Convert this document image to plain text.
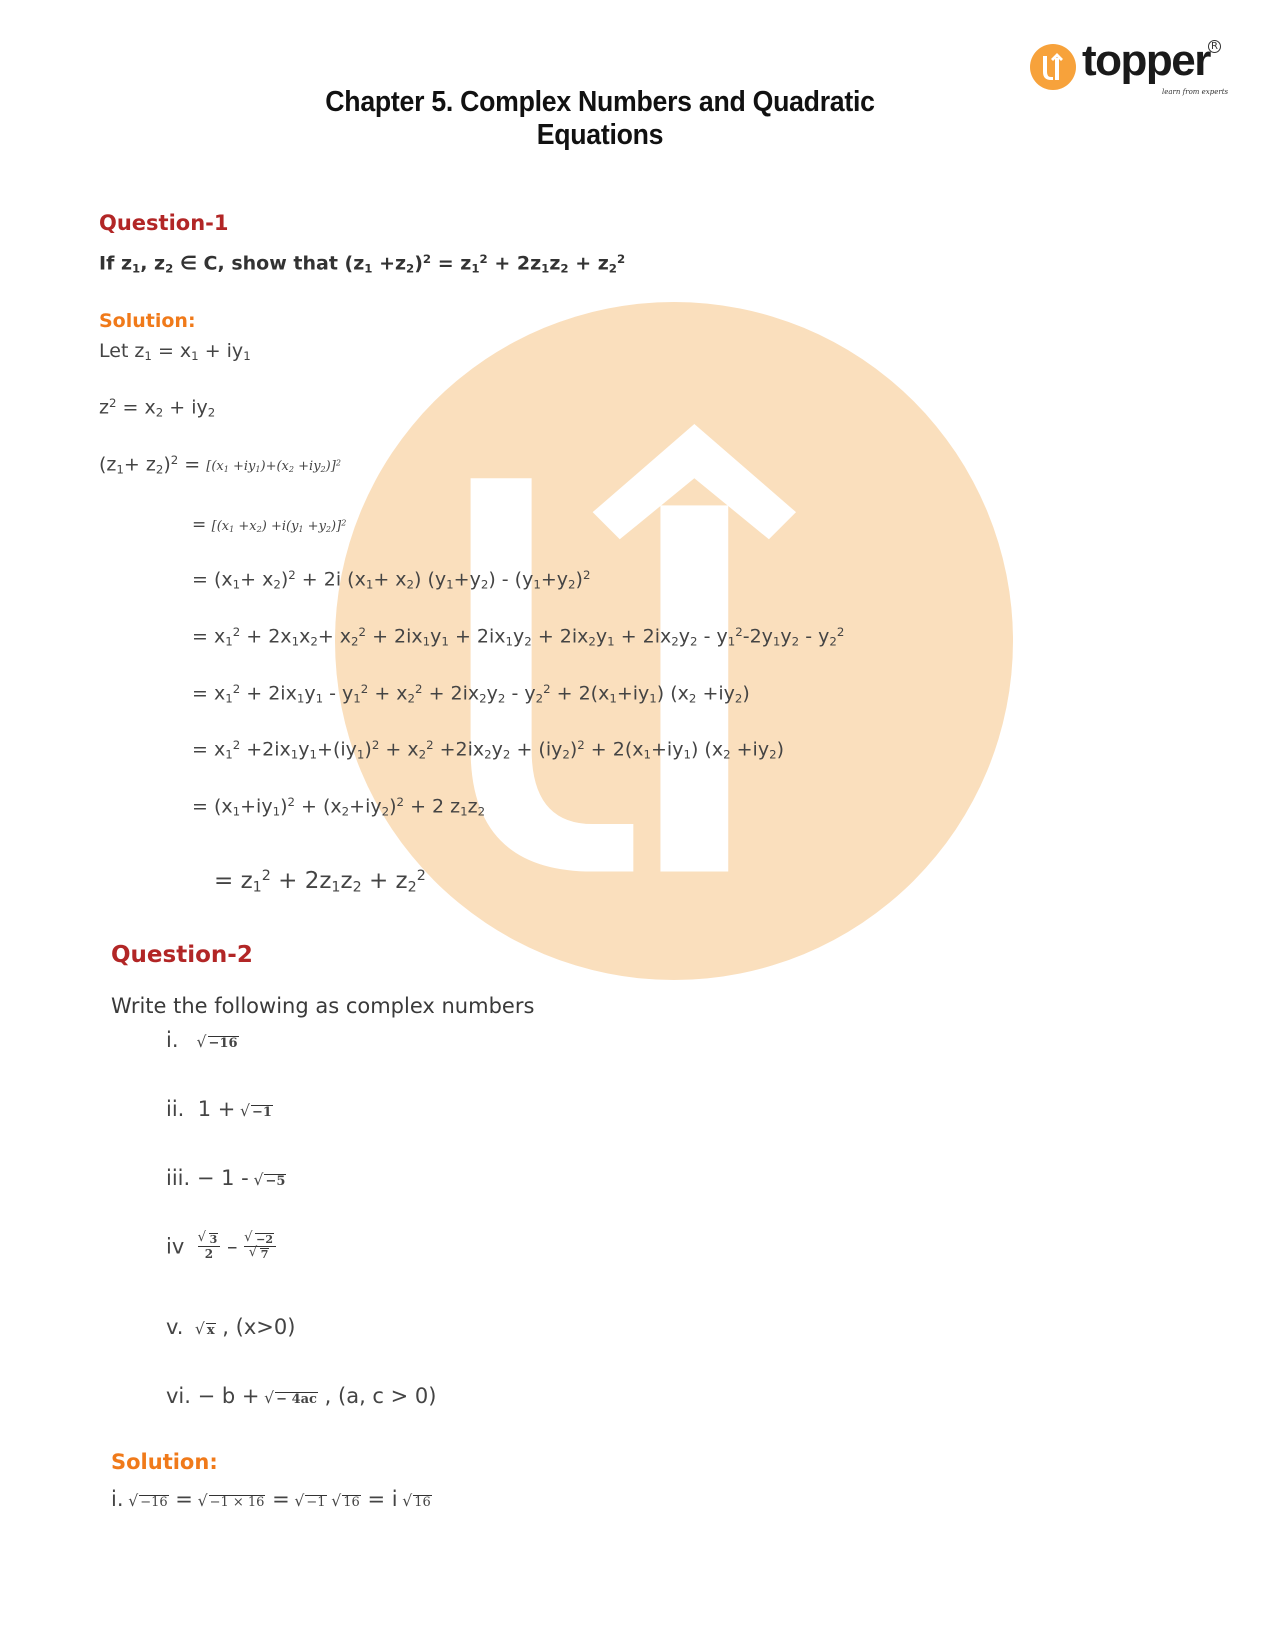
Chapter 5. Complex Numbers and Quadratic Equations
topper R
learn from experts
Question-1
If $z_1$, $z_2$ ∈ C, show that $(z_1 +z_2)^2 = z_1^2 + 2z_1z_2 + z_2^2$
Solution:
Let $z_1 = x_1 + iy_1$
$z^2 = x_2 + iy_2$
$(z_1+ z_2)^2 = [(x_1 +iy_1)+(x_2 +iy_2)]^2$
= $[(x_1 +x_2) +i(y_1 +y_2)]^2$
= $(x_1+ x_2)^2 + 2i$ $(x_1+ x_2)$ $(y_1+y_2) - (y_1+y_2)^2$
= $x_1^2 + 2x_1x_2+ x_2^2 + 2ix_1y_1 + 2ix_1y_2 + 2ix_2y_1 + 2ix_2y_2 - y_1^2-2y_1y_2 - y_2^2$
= $x_1^2 + 2ix_1y_1 - y_1^2 + x_2^2 + 2ix_2y_2 - y_2^2 + 2(x_1+iy_1)$ $(x_2 +iy_2)$
= $x_1^2 +2ix_1y_1+(iy_1)^2 + x_2^2 +2ix_2y_2 + (iy_2)^2 + 2(x_1+iy_1)$ $(x_2 +iy_2)$
= $(x_1+iy_1)^2 + (x_2+iy_2)^2 + 2$ $z_1z_2$
= $z_1^2 + 2z_1z_2 + z_2^2$
Question-2
Write the following as complex numbers
i. √ −16
ii.  1 + √ −1
iii. − 1 - √ −5
iv √ $\frac{3}{2}$ – √ −2
√ 7
v. √ x , (x>0)
vi. − b + √ − 4ac , (a, c > 0)
Solution:
i. √ −16 = √ −1 × 16 = √ −1 √ 16 = i √ 16
